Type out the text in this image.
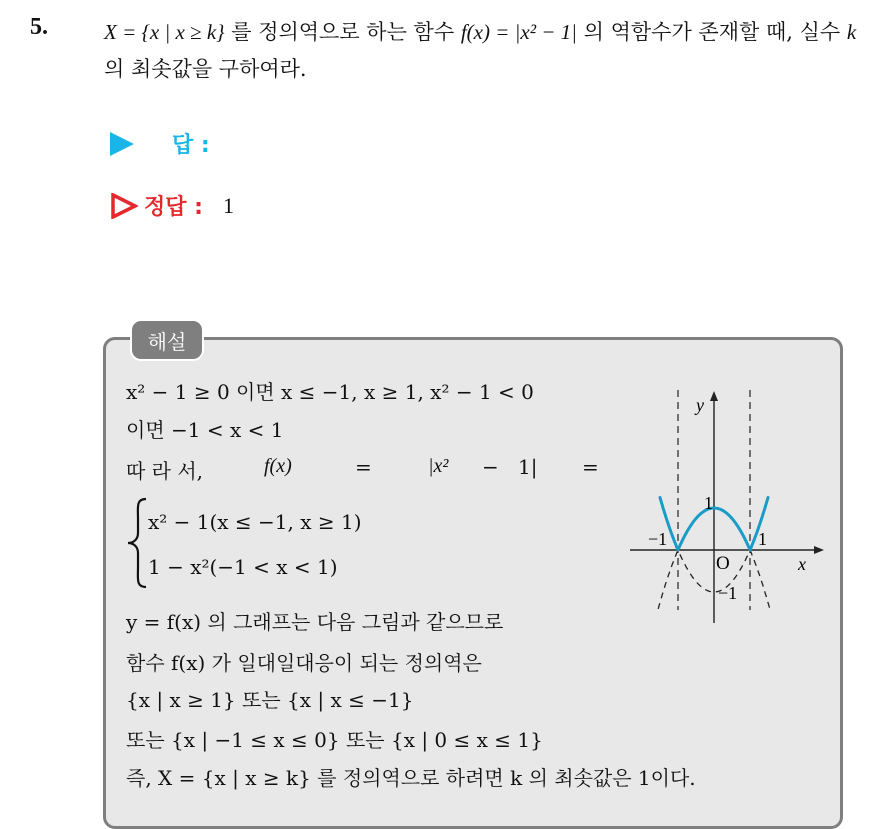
5.	X = {x | x ≥ k} 를 정의역으로 하는 함수 f(x) = |x² − 1| 의 역함수가 존재할 때, 실수 k의 최솟값을 구하여라.
답 :
정답 : 1
해설
x² − 1 ≥ 0 이면 x ≤ −1, x ≥ 1, x² − 1 < 0
이면 −1 < x < 1
따 라 서,	f(x)	=	|x² − 1| =
x² − 1(x ≤ −1, x ≥ 1)
1 − x²(−1 < x < 1)
y = f(x) 의 그래프는 다음 그림과 같으므로
함수 f(x) 가 일대일대응이 되는 정의역은
{x | x ≥ 1} 또는 {x | x ≤ −1}
또는 {x | −1 ≤ x ≤ 0} 또는 {x | 0 ≤ x ≤ 1}
즉, X = {x | x ≥ k} 를 정의역으로 하려면 k 의 최솟값은 1이다.
y
x
O
1
−1
−1	1
